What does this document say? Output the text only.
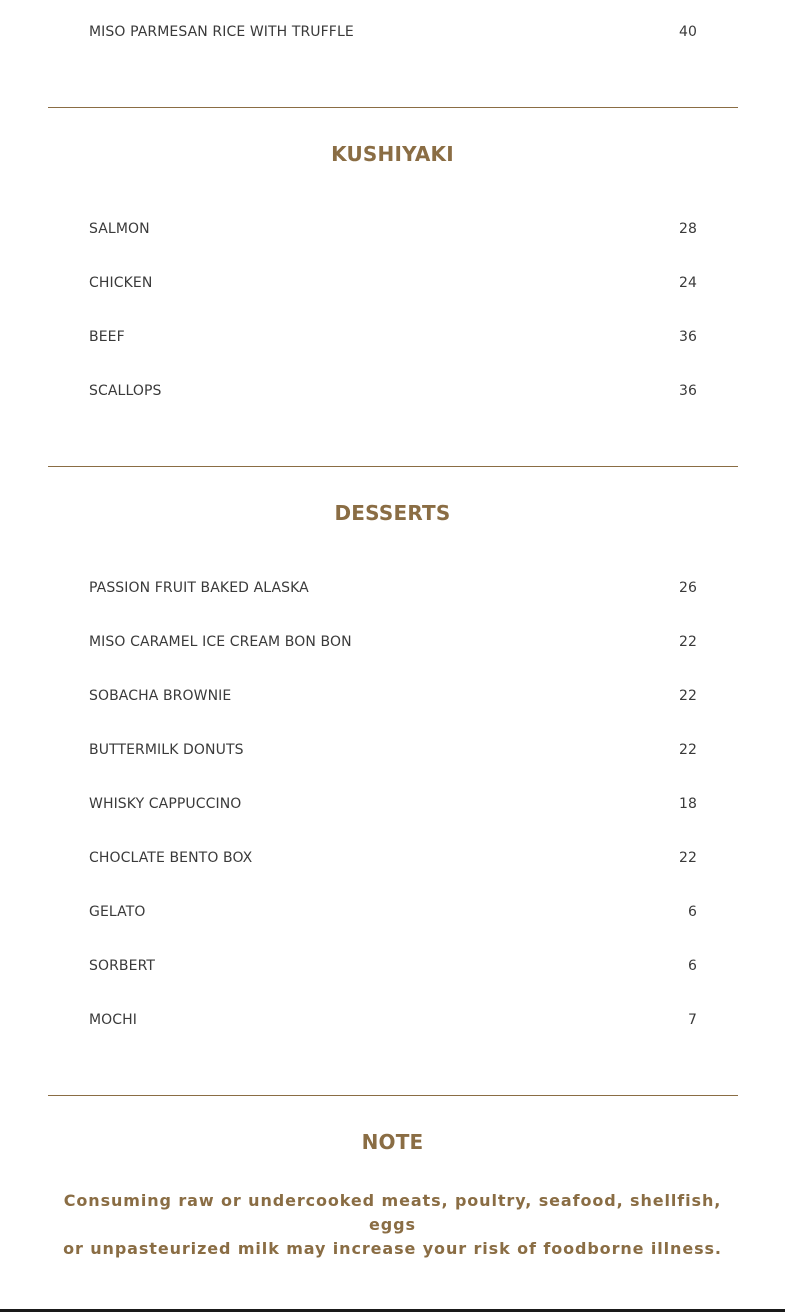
MISO PARMESAN RICE WITH TRUFFLE	40
KUSHIYAKI
SALMON	28
CHICKEN	24
BEEF	36
SCALLOPS	36
DESSERTS
PASSION FRUIT BAKED ALASKA	26
MISO CARAMEL ICE CREAM BON BON	22
SOBACHA BROWNIE	22
BUTTERMILK DONUTS	22
WHISKY CAPPUCCINO	18
CHOCLATE BENTO BOX	22
GELATO	6
SORBERT	6
MOCHI	7
NOTE
Consuming raw or undercooked meats, poultry, seafood, shellfish, eggs
or unpasteurized milk may increase your risk of foodborne illness.
